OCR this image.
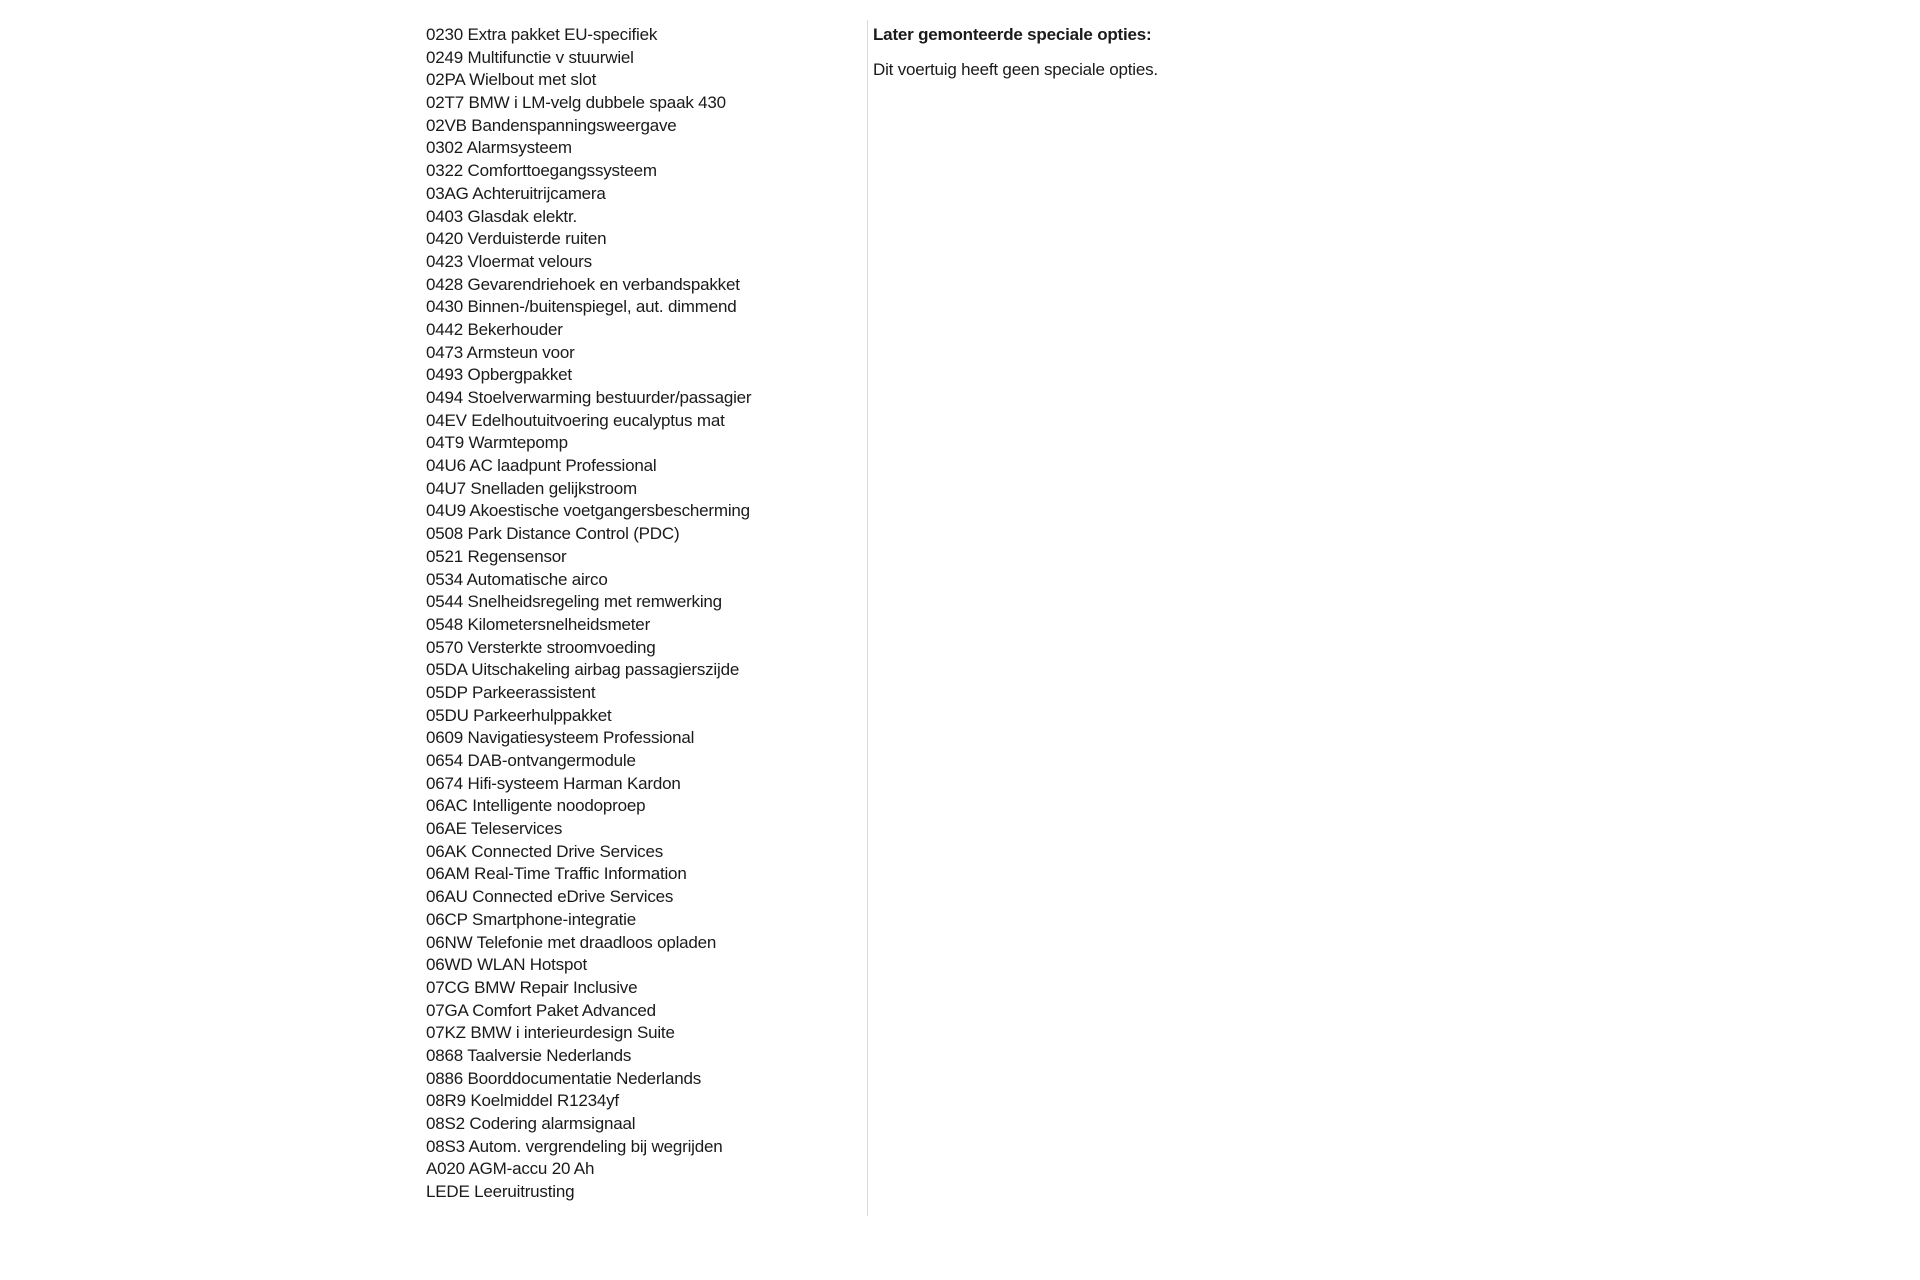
0230 Extra pakket EU-specifiek
0249 Multifunctie v stuurwiel
02PA Wielbout met slot
02T7 BMW i LM-velg dubbele spaak 430
02VB Bandenspanningsweergave
0302 Alarmsysteem
0322 Comforttoegangssysteem
03AG Achteruitrijcamera
0403 Glasdak elektr.
0420 Verduisterde ruiten
0423 Vloermat velours
0428 Gevarendriehoek en verbandspakket
0430 Binnen-/buitenspiegel, aut. dimmend
0442 Bekerhouder
0473 Armsteun voor
0493 Opbergpakket
0494 Stoelverwarming bestuurder/passagier
04EV Edelhoutuitvoering eucalyptus mat
04T9 Warmtepomp
04U6 AC laadpunt Professional
04U7 Snelladen gelijkstroom
04U9 Akoestische voetgangersbescherming
0508 Park Distance Control (PDC)
0521 Regensensor
0534 Automatische airco
0544 Snelheidsregeling met remwerking
0548 Kilometersnelheidsmeter
0570 Versterkte stroomvoeding
05DA Uitschakeling airbag passagierszijde
05DP Parkeerassistent
05DU Parkeerhulppakket
0609 Navigatiesysteem Professional
0654 DAB-ontvangermodule
0674 Hifi-systeem Harman Kardon
06AC Intelligente noodoproep
06AE Teleservices
06AK Connected Drive Services
06AM Real-Time Traffic Information
06AU Connected eDrive Services
06CP Smartphone-integratie
06NW Telefonie met draadloos opladen
06WD WLAN Hotspot
07CG BMW Repair Inclusive
07GA Comfort Paket Advanced
07KZ BMW i interieurdesign Suite
0868 Taalversie Nederlands
0886 Boorddocumentatie Nederlands
08R9 Koelmiddel R1234yf
08S2 Codering alarmsignaal
08S3 Autom. vergrendeling bij wegrijden
A020 AGM-accu 20 Ah
LEDE Leeruitrusting

Later gemonteerde speciale opties:

Dit voertuig heeft geen speciale opties.
